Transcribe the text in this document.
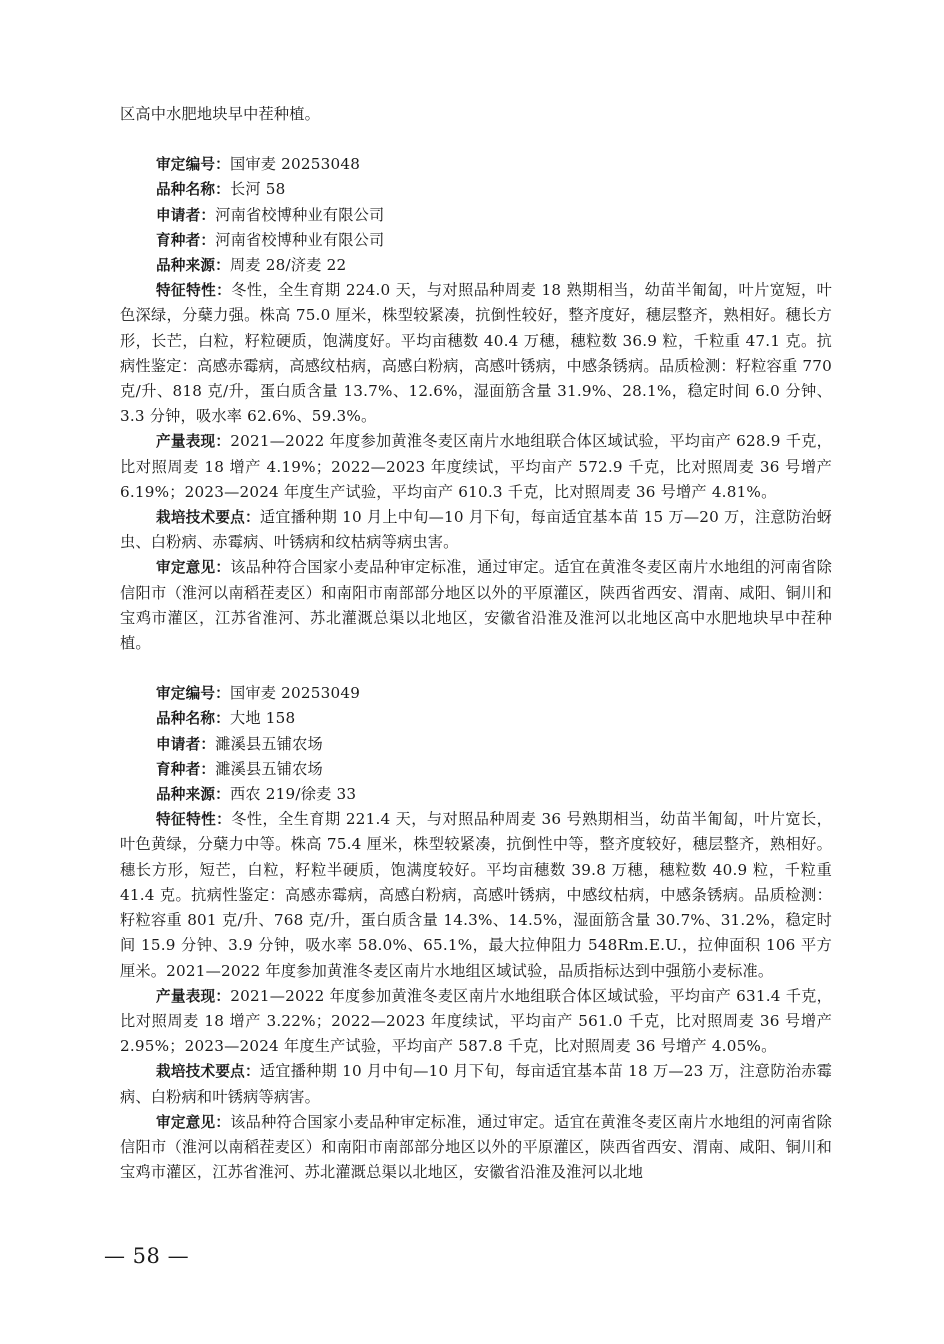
区高中水肥地块早中茬种植。

审定编号：国审麦 20253048

品种名称：长河 58

申请者：河南省校博种业有限公司

育种者：河南省校博种业有限公司

品种来源：周麦 28/济麦 22

特征特性：冬性，全生育期 224.0 天，与对照品种周麦 18 熟期相当，幼苗半匍匐，叶片宽短，叶色深绿，分蘖力强。株高 75.0 厘米，株型较紧凑，抗倒性较好，整齐度好，穗层整齐，熟相好。穗长方形，长芒，白粒，籽粒硬质，饱满度好。平均亩穗数 40.4 万穗，穗粒数 36.9 粒，千粒重 47.1 克。抗病性鉴定：高感赤霉病，高感纹枯病，高感白粉病，高感叶锈病，中感条锈病。品质检测：籽粒容重 770 克/升、818 克/升，蛋白质含量 13.7%、12.6%，湿面筋含量 31.9%、28.1%，稳定时间 6.0 分钟、3.3 分钟，吸水率 62.6%、59.3%。

产量表现：2021—2022 年度参加黄淮冬麦区南片水地组联合体区域试验，平均亩产 628.9 千克，比对照周麦 18 增产 4.19%；2022—2023 年度续试，平均亩产 572.9 千克，比对照周麦 36 号增产 6.19%；2023—2024 年度生产试验，平均亩产 610.3 千克，比对照周麦 36 号增产 4.81%。

栽培技术要点：适宜播种期 10 月上中旬—10 月下旬，每亩适宜基本苗 15 万—20 万，注意防治蚜虫、白粉病、赤霉病、叶锈病和纹枯病等病虫害。

审定意见：该品种符合国家小麦品种审定标准，通过审定。适宜在黄淮冬麦区南片水地组的河南省除信阳市（淮河以南稻茬麦区）和南阳市南部部分地区以外的平原灌区，陕西省西安、渭南、咸阳、铜川和宝鸡市灌区，江苏省淮河、苏北灌溉总渠以北地区，安徽省沿淮及淮河以北地区高中水肥地块早中茬种植。

审定编号：国审麦 20253049

品种名称：大地 158

申请者：濉溪县五铺农场

育种者：濉溪县五铺农场

品种来源：西农 219/徐麦 33

特征特性：冬性，全生育期 221.4 天，与对照品种周麦 36 号熟期相当，幼苗半匍匐，叶片宽长，叶色黄绿，分蘖力中等。株高 75.4 厘米，株型较紧凑，抗倒性中等，整齐度较好，穗层整齐，熟相好。穗长方形，短芒，白粒，籽粒半硬质，饱满度较好。平均亩穗数 39.8 万穗，穗粒数 40.9 粒，千粒重 41.4 克。抗病性鉴定：高感赤霉病，高感白粉病，高感叶锈病，中感纹枯病，中感条锈病。品质检测：籽粒容重 801 克/升、768 克/升，蛋白质含量 14.3%、14.5%，湿面筋含量 30.7%、31.2%，稳定时间 15.9 分钟、3.9 分钟，吸水率 58.0%、65.1%，最大拉伸阻力 548Rm.E.U.，拉伸面积 106 平方厘米。2021—2022 年度参加黄淮冬麦区南片水地组区域试验，品质指标达到中强筋小麦标准。

产量表现：2021—2022 年度参加黄淮冬麦区南片水地组联合体区域试验，平均亩产 631.4 千克，比对照周麦 18 增产 3.22%；2022—2023 年度续试，平均亩产 561.0 千克，比对照周麦 36 号增产 2.95%；2023—2024 年度生产试验，平均亩产 587.8 千克，比对照周麦 36 号增产 4.05%。

栽培技术要点：适宜播种期 10 月中旬—10 月下旬，每亩适宜基本苗 18 万—23 万，注意防治赤霉病、白粉病和叶锈病等病害。

审定意见：该品种符合国家小麦品种审定标准，通过审定。适宜在黄淮冬麦区南片水地组的河南省除信阳市（淮河以南稻茬麦区）和南阳市南部部分地区以外的平原灌区，陕西省西安、渭南、咸阳、铜川和宝鸡市灌区，江苏省淮河、苏北灌溉总渠以北地区，安徽省沿淮及淮河以北地

— 58 —
